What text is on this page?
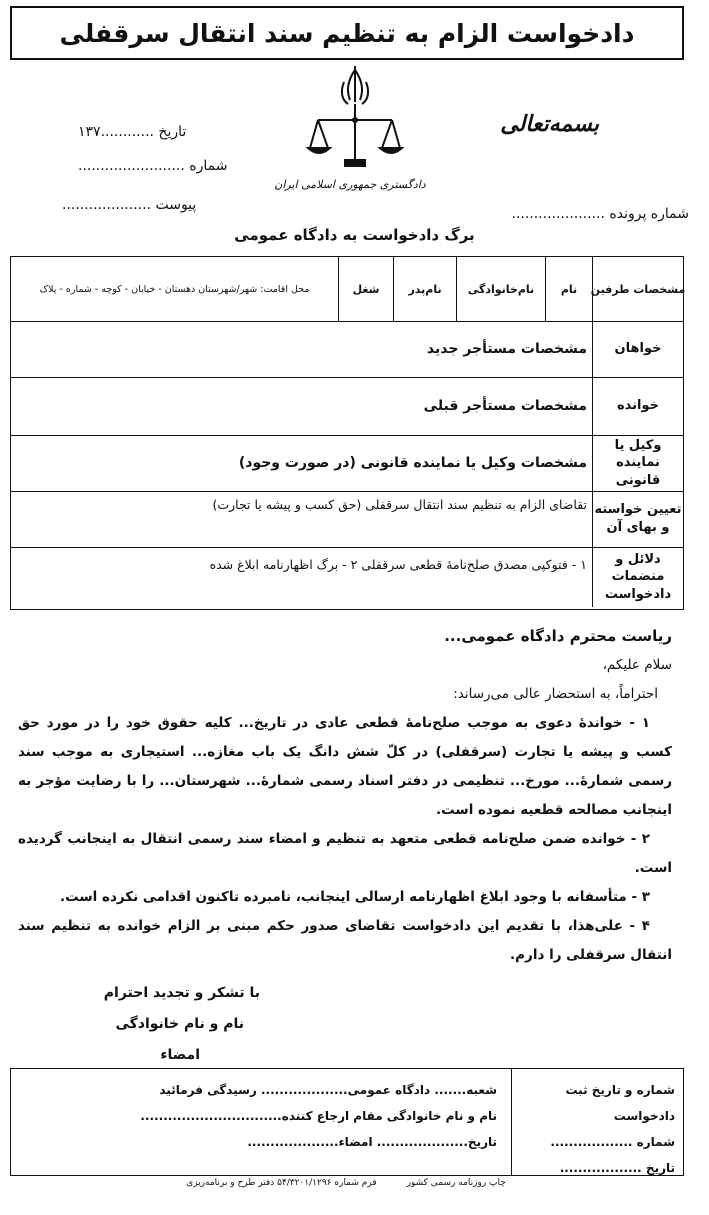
دادخواست الزام به تنظیم سند انتقال سرقفلی
بسمه‌تعالی
دادگستری جمهوری اسلامی ایران
تاریخ ............۱۳۷
شماره ........................
پیوست ....................
شماره پرونده .....................
برگ دادخواست به دادگاه عمومی
مشخصات طرفین
نام
نام‌خانوادگی
نام‌پدر
شغل
محل اقامت: شهر/شهرستان دهستان - خیابان - کوچه - شماره - پلاک
خواهان
مشخصات مستأجر جدید
خوانده
مشخصات مستأجر قبلی
وکیل یا نماینده قانونی
مشخصات وکیل یا نماینده قانونی (در صورت وجود)
تعیین خواسته و بهای آن
تقاضای الزام به تنظیم سند انتقال سرقفلی (حق کسب و پیشه یا تجارت)
دلائل و منضمات دادخواست
۱ - فتوکپی مصدق صلح‌نامهٔ قطعی سرقفلی ۲ - برگ اظهارنامه ابلاغ شده

ریاست محترم دادگاه عمومی...

سلام علیکم،

احتراماً، به استحضار عالی می‌رساند:

۱ - خواندهٔ دعوی به موجب صلح‌نامهٔ قطعی عادی در تاریخ... کلیه حقوق خود را در مورد حق کسب و پیشه یا تجارت (سرقفلی) در کلّ شش دانگ یک باب مغازه... استیجاری به موجب سند رسمی شمارهٔ... مورخ... تنظیمی در دفتر اسناد رسمی شمارهٔ... شهرستان... را با رضایت مؤجر به اینجانب مصالحه قطعیه نموده است.

۲ - خوانده ضمن صلح‌نامه قطعی متعهد به تنظیم و امضاء سند رسمی انتقال به اینجانب گردیده است.

۳ - متأسفانه با وجود ابلاغ اظهارنامه ارسالی اینجانب، نامبرده تاکنون اقدامی نکرده است.

۴ - علی‌هذا، با تقدیم این دادخواست تقاضای صدور حکم مبنی بر الزام خوانده به تنظیم سند انتقال سرقفلی را دارم.

با تشکر و تجدید احترام
نام و نام خانوادگی
امضاء
شماره و تاریخ ثبت دادخواست
شماره ..................
تاریخ ..................
شعبه....... دادگاه عمومی................... رسیدگی فرمائید
نام و نام خانوادگی مقام ارجاع کننده...............................
تاریخ.................... امضاء....................
چاپ روزنامه رسمی کشور
فرم شماره ۵۴/۳۲۰۱/۱۲۹۶ دفتر طرح و برنامه‌ریزی
